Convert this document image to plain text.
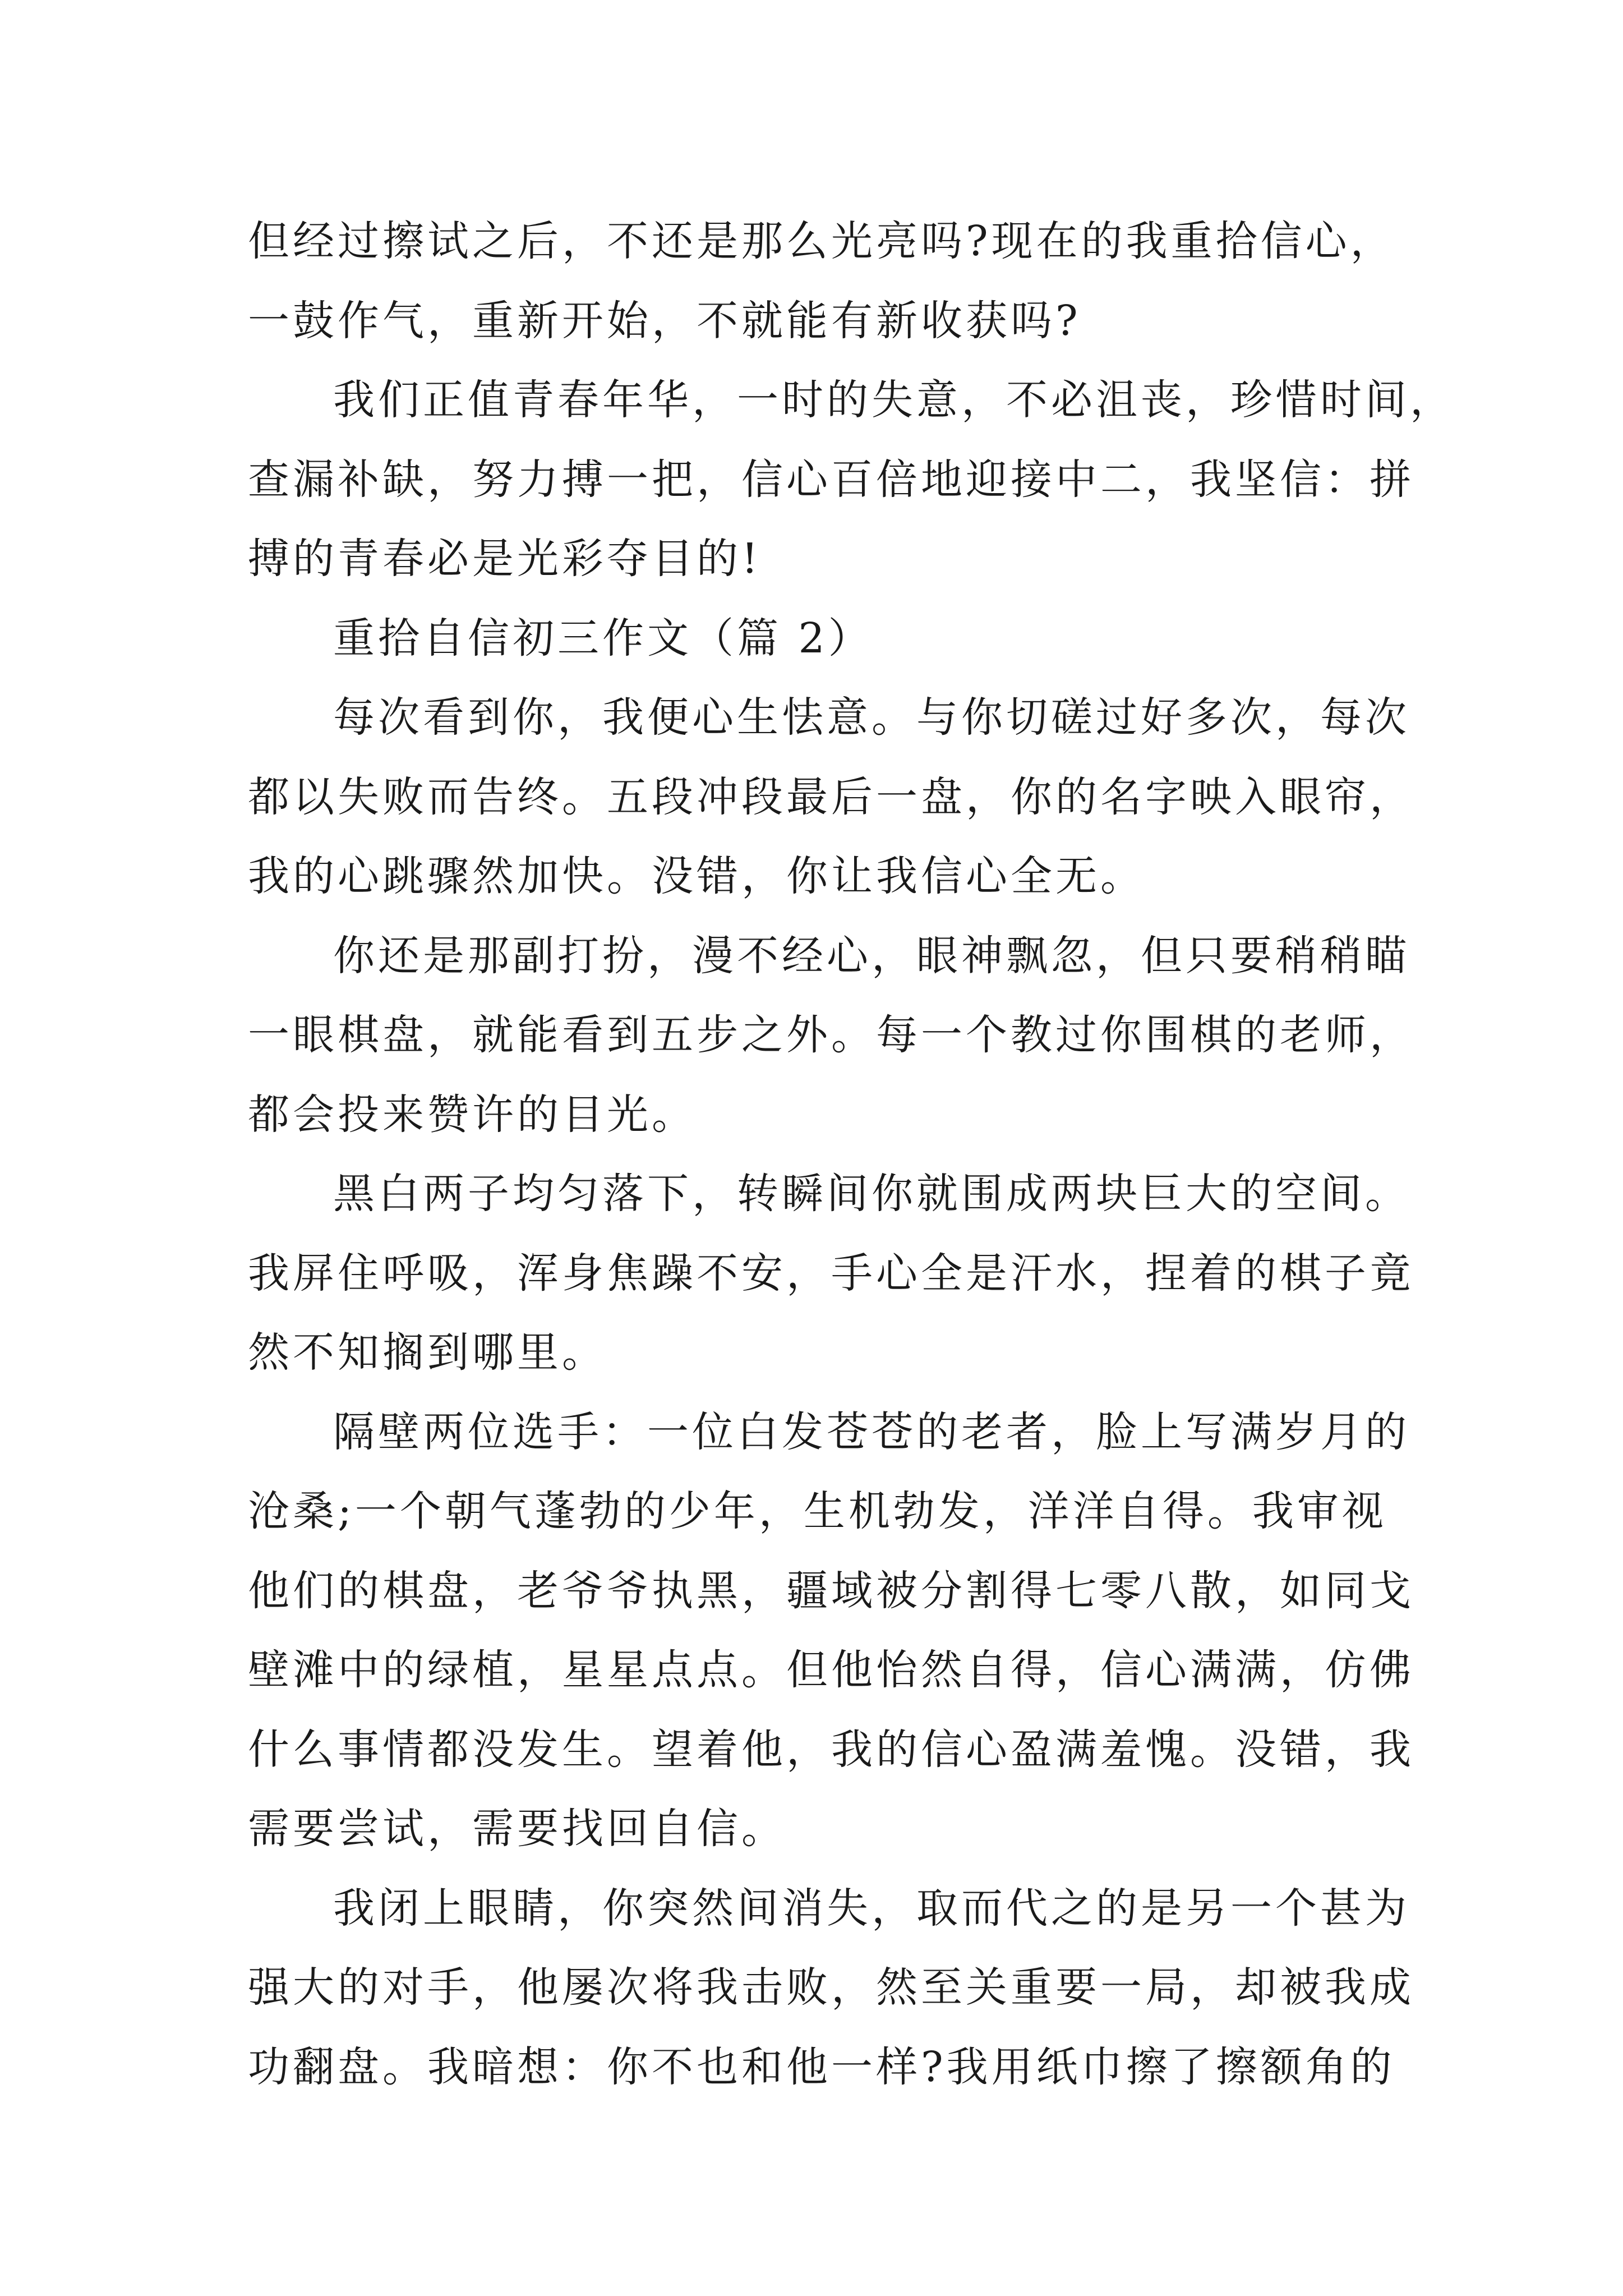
但经过擦试之后，不还是那么光亮吗?现在的我重拾信心，
一鼓作气，重新开始，不就能有新收获吗?
我们正值青春年华，一时的失意，不必沮丧，珍惜时间，
查漏补缺，努力搏一把，信心百倍地迎接中二，我坚信：拼
搏的青春必是光彩夺目的!
重拾自信初三作文（篇 2）
每次看到你，我便心生怯意。与你切磋过好多次，每次
都以失败而告终。五段冲段最后一盘，你的名字映入眼帘，
我的心跳骤然加快。没错，你让我信心全无。
你还是那副打扮，漫不经心，眼神飘忽，但只要稍稍瞄
一眼棋盘，就能看到五步之外。每一个教过你围棋的老师，
都会投来赞许的目光。
黑白两子均匀落下，转瞬间你就围成两块巨大的空间。
我屏住呼吸，浑身焦躁不安，手心全是汗水，捏着的棋子竟
然不知搁到哪里。
隔壁两位选手：一位白发苍苍的老者，脸上写满岁月的
沧桑;一个朝气蓬勃的少年，生机勃发，洋洋自得。我审视
他们的棋盘，老爷爷执黑，疆域被分割得七零八散，如同戈
壁滩中的绿植，星星点点。但他怡然自得，信心满满，仿佛
什么事情都没发生。望着他，我的信心盈满羞愧。没错，我
需要尝试，需要找回自信。
我闭上眼睛，你突然间消失，取而代之的是另一个甚为
强大的对手，他屡次将我击败，然至关重要一局，却被我成
功翻盘。我暗想：你不也和他一样?我用纸巾擦了擦额角的
